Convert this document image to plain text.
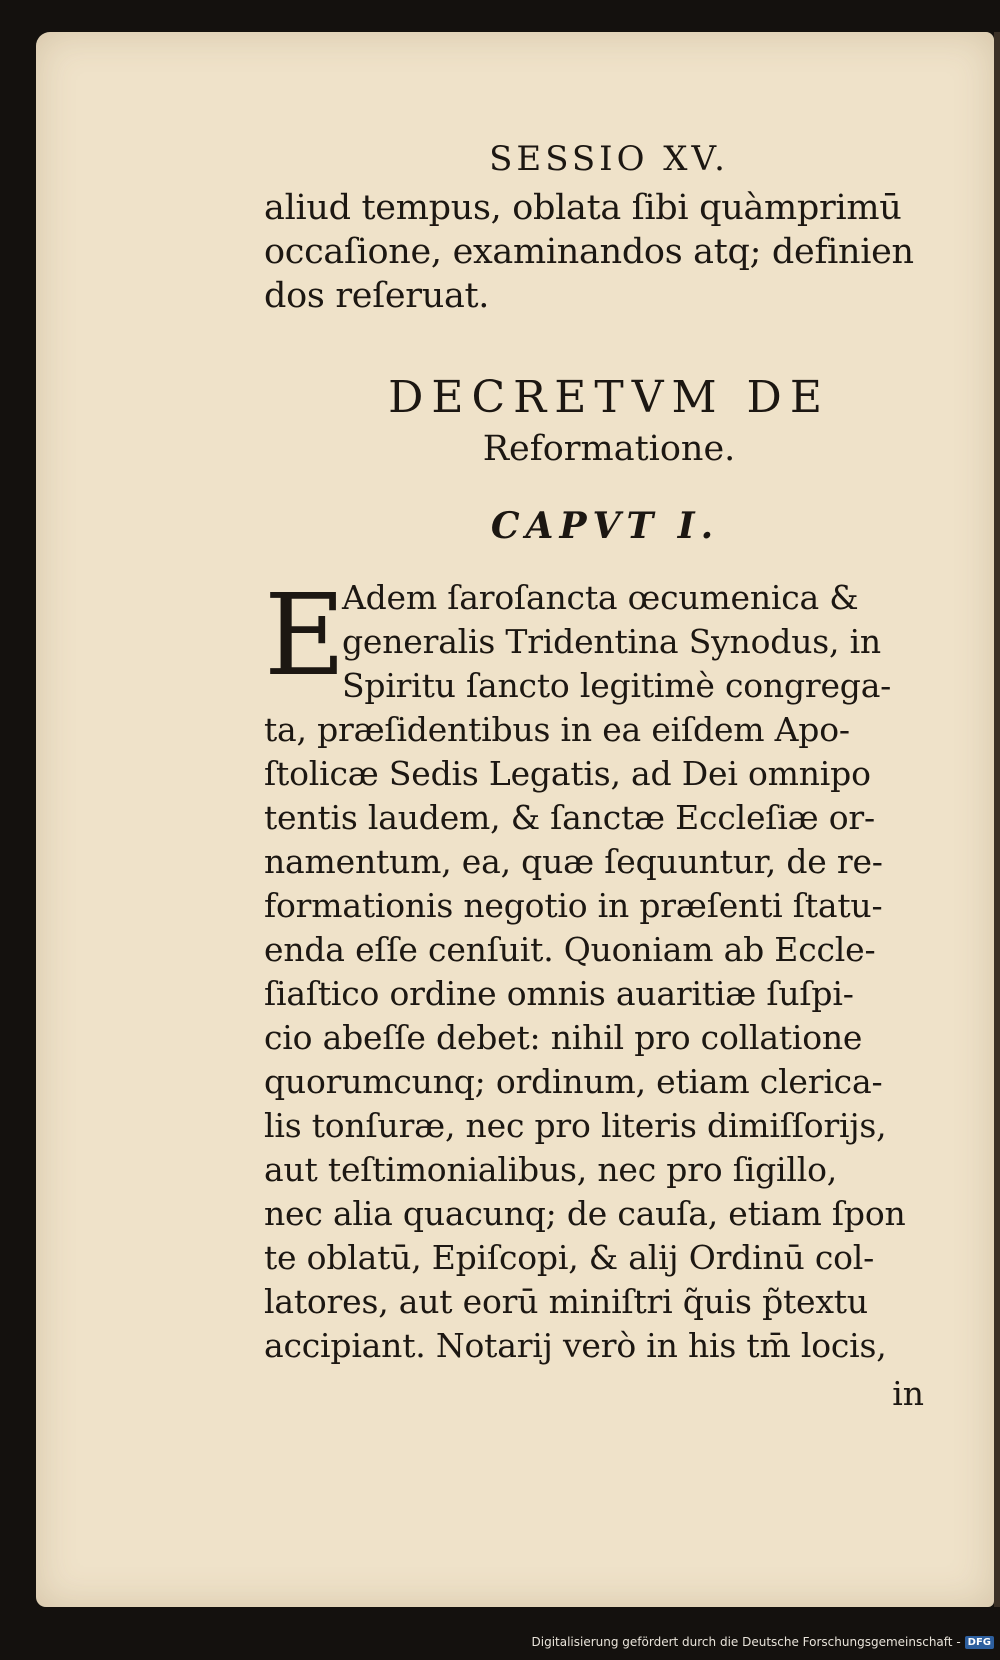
SESSIO XV.
aliud tempus, oblata ſibi quàmprimū
occaſione, examinandos atq; definien
dos reſeruat.
DECRETVM DE
Reformatione.
CAPVT I.
E
Adem ſaroſancta œcumenica &
generalis Tridentina Synodus, in
Spiritu ſancto legitimè congrega-
ta, præſidentibus in ea eiſdem Apo-
ſtolicæ Sedis Legatis, ad Dei omnipo
tentis laudem, & ſanctæ Eccleſiæ or-
namentum, ea, quæ ſequuntur, de re-
formationis negotio in præſenti ſtatu-
enda eſſe cenſuit. Quoniam ab Eccle-
ſiaſtico ordine omnis auaritiæ ſuſpi-
cio abeſſe debet: nihil pro collatione
quorumcunq; ordinum, etiam clerica-
lis tonſuræ, nec pro literis dimiſſorijs,
aut teſtimonialibus, nec pro ſigillo,
nec alia quacunq; de cauſa, etiam ſpon
te oblatū, Epiſcopi, & alij Ordinū col-
latores, aut eorū miniſtri q̃uis p̃textu
accipiant. Notarij verò in his tm̄ locis,
in
Digitalisierung gefördert durch die Deutsche Forschungsgemeinschaft - DFG
